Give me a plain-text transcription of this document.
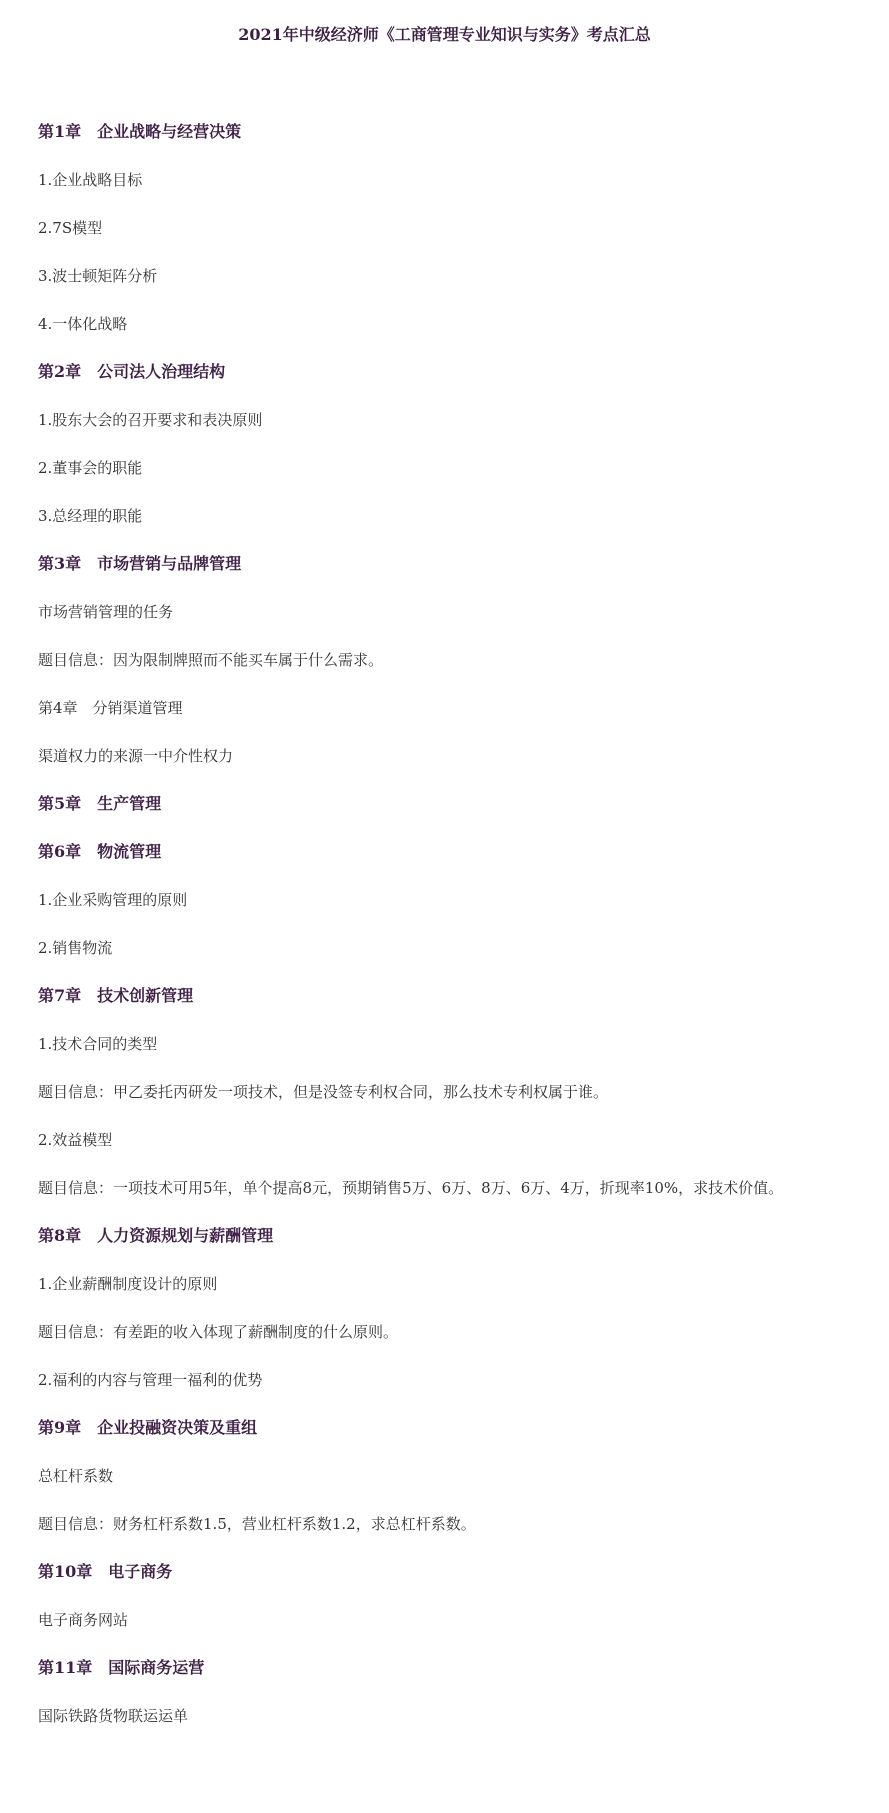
2021年中级经济师《工商管理专业知识与实务》考点汇总
第1章　企业战略与经营决策
1.企业战略目标
2.7S模型
3.波士顿矩阵分析
4.一体化战略
第2章　公司法人治理结构
1.股东大会的召开要求和表决原则
2.董事会的职能
3.总经理的职能
第3章　市场营销与品牌管理
市场营销管理的任务
题目信息：因为限制牌照而不能买车属于什么需求。
第4章　分销渠道管理
渠道权力的来源一中介性权力
第5章　生产管理
第6章　物流管理
1.企业采购管理的原则
2.销售物流
第7章　技术创新管理
1.技术合同的类型
题目信息：甲乙委托丙研发一项技术，但是没签专利权合同，那么技术专利权属于谁。
2.效益模型
题目信息：一项技术可用5年，单个提高8元，预期销售5万、6万、8万、6万、4万，折现率10%，求技术价值。
第8章　人力资源规划与薪酬管理
1.企业薪酬制度设计的原则
题目信息：有差距的收入体现了薪酬制度的什么原则。
2.福利的内容与管理一福利的优势
第9章　企业投融资决策及重组
总杠杆系数
题目信息：财务杠杆系数1.5，营业杠杆系数1.2，求总杠杆系数。
第10章　电子商务
电子商务网站
第11章　国际商务运营
国际铁路货物联运运单
